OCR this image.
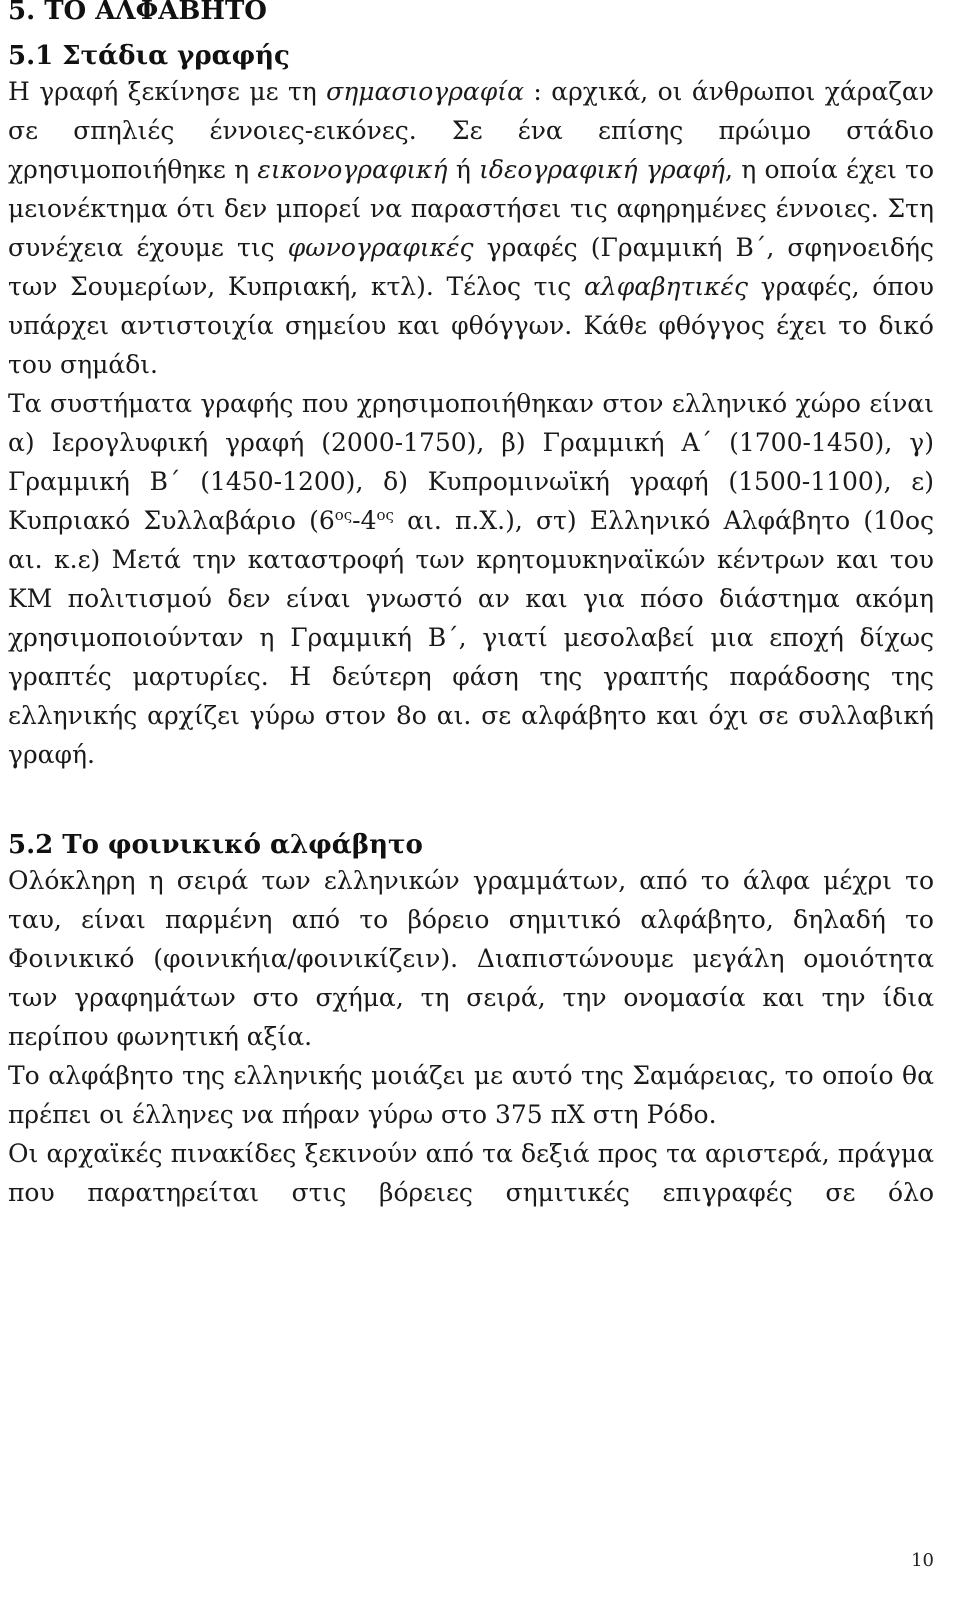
5. ΤΟ ΑΛΦΑΒΗΤΟ
5.1 Στάδια γραφής

Η γραφή ξεκίνησε με τη σημασιογραφία : αρχικά, οι άνθρωποι χάραζαν σε σπηλιές έννοιες-εικόνες. Σε ένα επίσης πρώιμο στάδιο χρησιμοποιήθηκε η εικονογραφική ή ιδεογραφική γραφή, η οποία έχει το μειονέκτημα ότι δεν μπορεί να παραστήσει τις αφηρημένες έννοιες. Στη συνέχεια έχουμε τις φωνογραφικές γραφές (Γραμμική Β΄, σφηνοειδής των Σουμερίων, Κυπριακή, κτλ). Τέλος τις αλφαβητικές γραφές, όπου υπάρχει αντιστοιχία σημείου και φθόγγων. Κάθε φθόγγος έχει το δικό του σημάδι.

Τα συστήματα γραφής που χρησιμοποιήθηκαν στον ελληνικό χώρο είναι α) Ιερογλυφική γραφή (2000-1750), β) Γραμμική Α΄ (1700-1450), γ) Γραμμική Β΄ (1450-1200), δ) Κυπρομινωϊκή γραφή (1500-1100), ε) Κυπριακό Συλλαβάριο ($6^{o\varsigma}-4^{o\varsigma}$ αι. π.Χ.), στ) Ελληνικό Αλφάβητο (10ος αι. κ.ε) Μετά την καταστροφή των κρητομυκηναϊκών κέντρων και του ΚΜ πολιτισμού δεν είναι γνωστό αν και για πόσο διάστημα ακόμη χρησιμοποιούνταν η Γραμμική Β΄, γιατί μεσολαβεί μια εποχή δίχως γραπτές μαρτυρίες. Η δεύτερη φάση της γραπτής παράδοσης της ελληνικής αρχίζει γύρω στον 8ο αι. σε αλφάβητο και όχι σε συλλαβική γραφή.

5.2 Το φοινικικό αλφάβητο

Ολόκληρη η σειρά των ελληνικών γραμμάτων, από το άλφα μέχρι το ταυ, είναι παρμένη από το βόρειο σημιτικό αλφάβητο, δηλαδή το Φοινικικό (φοινικήια/φοινικίζειν). Διαπιστώνουμε μεγάλη ομοιότητα των γραφημάτων στο σχήμα, τη σειρά, την ονομασία και την ίδια περίπου φωνητική αξία.

Το αλφάβητο της ελληνικής μοιάζει με αυτό της Σαμάρειας, το οποίο θα πρέπει οι έλληνες να πήραν γύρω στο 375 πΧ στη Ρόδο.

Οι αρχαϊκές πινακίδες ξεκινούν από τα δεξιά προς τα αριστερά, πράγμα που παρατηρείται στις βόρειες σημιτικές επιγραφές σε όλο

10
